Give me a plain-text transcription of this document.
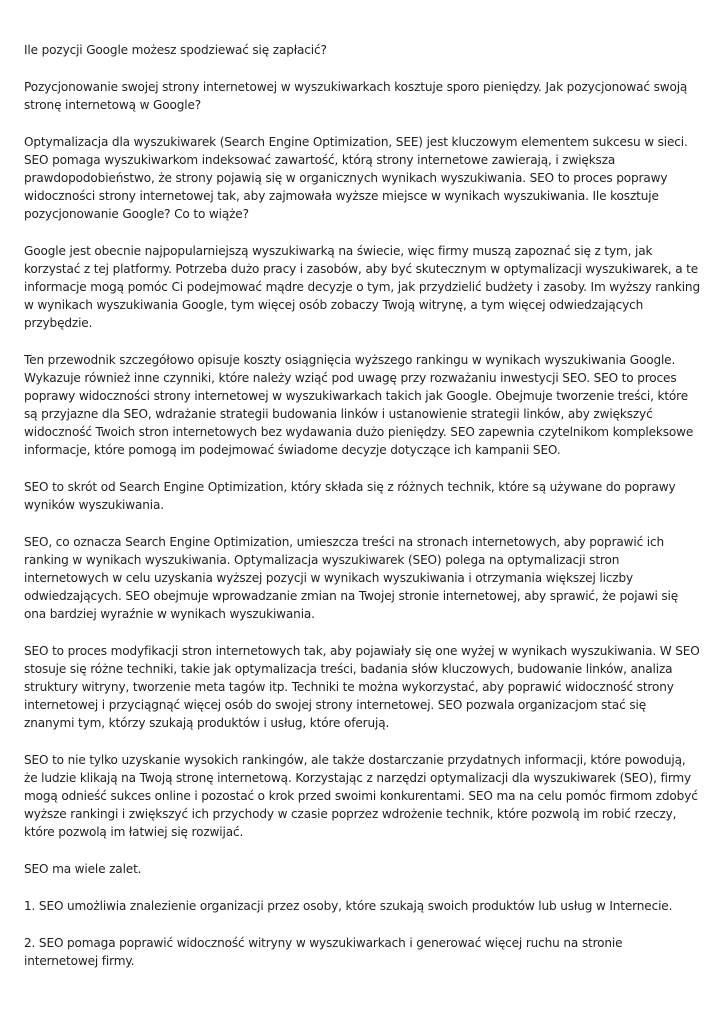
Ile pozycji Google możesz spodziewać się zapłacić?

Pozycjonowanie swojej strony internetowej w wyszukiwarkach kosztuje sporo pieniędzy. Jak pozycjonować swoją stronę internetową w Google?

Optymalizacja dla wyszukiwarek (Search Engine Optimization, SEE) jest kluczowym elementem sukcesu w sieci. SEO pomaga wyszukiwarkom indeksować zawartość, którą strony internetowe zawierają, i zwiększa prawdopodobieństwo, że strony pojawią się w organicznych wynikach wyszukiwania. SEO to proces poprawy widoczności strony internetowej tak, aby zajmowała wyższe miejsce w wynikach wyszukiwania. Ile kosztuje pozycjonowanie Google? Co to wiąże?

Google jest obecnie najpopularniejszą wyszukiwarką na świecie, więc firmy muszą zapoznać się z tym, jak korzystać z tej platformy. Potrzeba dużo pracy i zasobów, aby być skutecznym w optymalizacji wyszukiwarek, a te informacje mogą pomóc Ci podejmować mądre decyzje o tym, jak przydzielić budżety i zasoby. Im wyższy ranking w wynikach wyszukiwania Google, tym więcej osób zobaczy Twoją witrynę, a tym więcej odwiedzających przybędzie.

Ten przewodnik szczegółowo opisuje koszty osiągnięcia wyższego rankingu w wynikach wyszukiwania Google. Wykazuje również inne czynniki, które należy wziąć pod uwagę przy rozważaniu inwestycji SEO. SEO to proces poprawy widoczności strony internetowej w wyszukiwarkach takich jak Google. Obejmuje tworzenie treści, które są przyjazne dla SEO, wdrażanie strategii budowania linków i ustanowienie strategii linków, aby zwiększyć widoczność Twoich stron internetowych bez wydawania dużo pieniędzy. SEO zapewnia czytelnikom kompleksowe informacje, które pomogą im podejmować świadome decyzje dotyczące ich kampanii SEO.

SEO to skrót od Search Engine Optimization, który składa się z różnych technik, które są używane do poprawy wyników wyszukiwania.

SEO, co oznacza Search Engine Optimization, umieszcza treści na stronach internetowych, aby poprawić ich ranking w wynikach wyszukiwania. Optymalizacja wyszukiwarek (SEO) polega na optymalizacji stron internetowych w celu uzyskania wyższej pozycji w wynikach wyszukiwania i otrzymania większej liczby odwiedzających. SEO obejmuje wprowadzanie zmian na Twojej stronie internetowej, aby sprawić, że pojawi się ona bardziej wyraźnie w wynikach wyszukiwania.

SEO to proces modyfikacji stron internetowych tak, aby pojawiały się one wyżej w wynikach wyszukiwania. W SEO stosuje się różne techniki, takie jak optymalizacja treści, badania słów kluczowych, budowanie linków, analiza struktury witryny, tworzenie meta tagów itp. Techniki te można wykorzystać, aby poprawić widoczność strony internetowej i przyciągnąć więcej osób do swojej strony internetowej. SEO pozwala organizacjom stać się znanymi tym, którzy szukają produktów i usług, które oferują.

SEO to nie tylko uzyskanie wysokich rankingów, ale także dostarczanie przydatnych informacji, które powodują, że ludzie klikają na Twoją stronę internetową. Korzystając z narzędzi optymalizacji dla wyszukiwarek (SEO), firmy mogą odnieść sukces online i pozostać o krok przed swoimi konkurentami. SEO ma na celu pomóc firmom zdobyć wyższe rankingi i zwiększyć ich przychody w czasie poprzez wdrożenie technik, które pozwolą im robić rzeczy, które pozwolą im łatwiej się rozwijać.

SEO ma wiele zalet.

1. SEO umożliwia znalezienie organizacji przez osoby, które szukają swoich produktów lub usług w Internecie.

2. SEO pomaga poprawić widoczność witryny w wyszukiwarkach i generować więcej ruchu na stronie internetowej firmy.
